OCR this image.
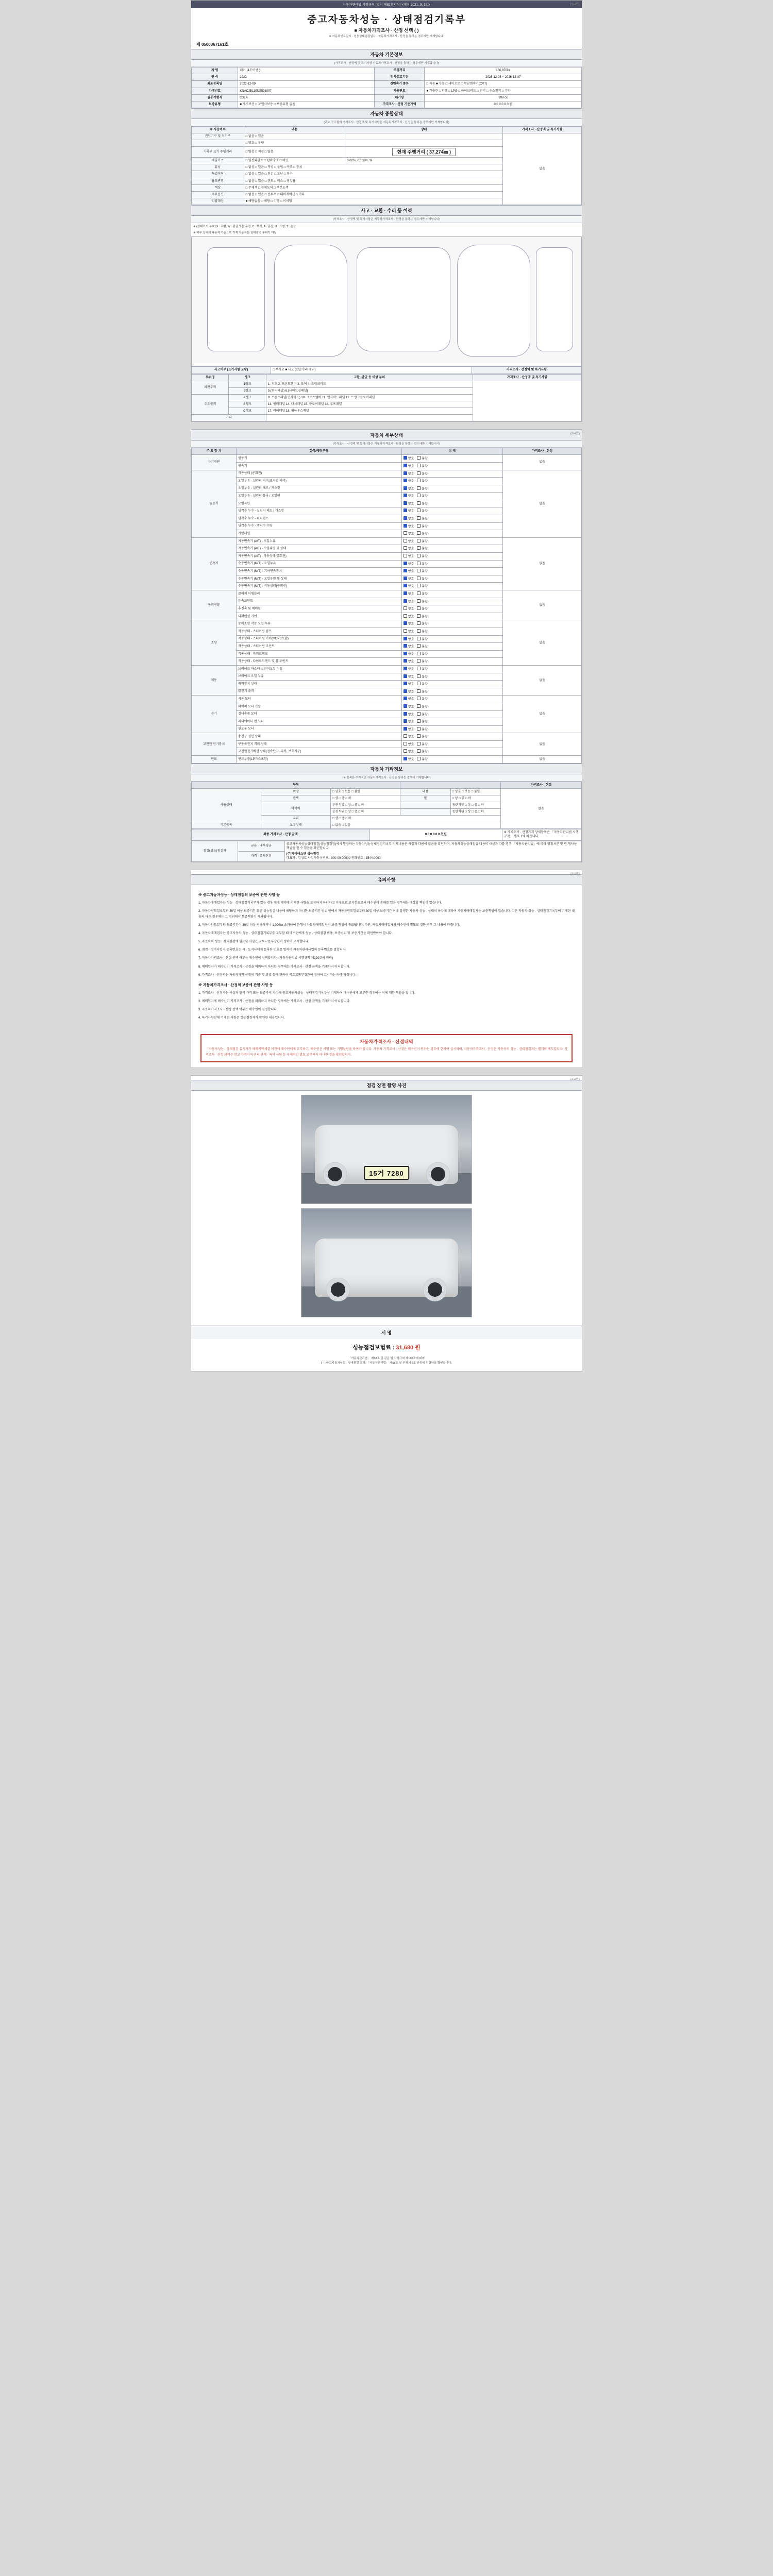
(1/4면)
자동차관리법 시행규칙 [별지 제82호서식] <개정 2021. 9. 16.>
중고자동차성능 · 상태점검기록부
■ 자동차가격조사 · 산정 선택 ( )
※ 자동차인도일시 · 성능상태점검일시 · 자동차가격조사 · 산정을 통하는 경우에만 기재합니다.
제 0500067161호
자동차 기본정보
(가격조사 · 산정액 및 특기사항 자동차가격조사 · 산정을 통하는 경우에만 기재합니다)
자 명	레이 (4도어밴 )	주행거리	156,870㎞
연 식	2022	검사유효기간	2025-12-08 ~ 2026-12-07
최초등록일	2021-12-09	진변속기 종류	□ 자동 ■ 수동 □ 세미오토 □ 무단변속기(CVT)
차대번호	KNACJB110NS591007	사용연료	■ 가솔린 □ 디젤 □ LPG □ 하이브리드 □ 전기 □ 수소전기 □ 기타
원동기형식	G3LA	배기량	998 cc
보증유형	■ 자기보증 □ 보험사보증 □ 보증유형 없음	가격조사 · 산정 기준가액	0 0 0 0 0 0 원
자동차 종합상태
(주요 구조물의 가격조사 · 산정액 및 특기사항은 자동차가격조사 · 산정을 통하는 경우에만 기재합니다)
※ 사용여부	내용	상태	가격조사 · 산정액 및 특기사항
전입기구 및 적기구	□ 없음 □ 있음		없음
	□ 양호 □ 불량		
기록부 표기 주행거리	□ 많음 □ 적정 □ 많음	현재 주행거리 ( 37,274㎞ )	
배출가스	□ 일산화탄소 □ 탄화수소 □ 매연	0.02%, 0.1ppm, %	
튜닝	□ 없음 □ 있음 □ 적법 □ 불법 □ 구조 □ 장치		
특별이력	□ 없음 □ 있음 □ 전손 □ 도난 □ 침수		
용도변경	□ 없음 □ 있음 □ 렌트 □ 리스 □ 영업용		
색상	□ 무채색 □ 전체도색 □ 부분도색		
주요옵션	□ 없음 □ 있음 □ 선루프 □ 내비게이션 □ 기타		
리콜대상	■ 해당없음 □ 해당 □ 이행 □ 미이행		
사고 · 교환 · 수리 등 이력
(가격조사 · 산정액 및 특기사항은 자동차가격조사 · 산정을 통하는 경우에만 기재합니다)
※ (상태표시 부호) X : 교환, W : 판금 또는 용접, C : 부식, A : 흠집, U : 요철, T : 손상
※ 하부 상태에 속용적 기준으로 기재 자동차는 상태점검 부위가 아님
사고여부 (표기사항 포함)	□ 무사고 ■ 사고 (단순수리 제외)	가격조사 · 산정액 및 특기사항
부위명	랭크	교환, 판금 등 이상 부위	가격조사 · 산정액 및 특기사항
외판부위	1랭크	1. 후드 2. 프론트휀더 3. 도어 4. 트렁크리드	
	2랭크	5.(쿼터패널) 6.(사이드실패널)	
주요골격	A랭크	9. 프론트패널(인사이드) 10. 크로스멤버 11. 인사이드패널 12. 트렁크플로어패널	
	B랭크	13. 필러패널 14. 대시패널 15. 플로어패널 16. 루프패널	
	C랭크	17. 리어패널 18. 휠하우스패널	
기타			
(2/4면)
자동차 세부상태
(가격조사 · 산정액 및 특기사항은 자동차가격조사 · 산정을 통하는 경우에만 기재합니다)
주 요 장 치	항목/해당부품	상 태	가격조사 · 산정
자기진단	원동기	양호 불량	없음
	변속기	양호 불량	
원동기	작동상태 (공회전)	양호 불량	없음
	오일누유 - 실린더 커버(로커암 커버)	양호 불량	
	오일누유 - 실린더 헤드 / 개스킷	양호 불량	
	오일누유 - 실린더 블록 / 오일팬	양호 불량	
	오일유량	양호 불량	
	냉각수 누수 - 실린더 헤드 / 개스킷	양호 불량	
	냉각수 누수 - 워터펌프	양호 불량	
	냉각수 누수 - 냉각수 수량	양호 불량	
	커먼레일	양호 불량	
변속기	자동변속기 (A/T) - 오일누유	양호 불량	없음
	자동변속기 (A/T) - 오일유량 및 상태	양호 불량	
	자동변속기 (A/T) - 작동상태(공회전)	양호 불량	
	수동변속기 (M/T) - 오일누유	양호 불량	
	수동변속기 (M/T) - 기어변속장치	양호 불량	
	수동변속기 (M/T) - 오일유량 및 상태	양호 불량	
	수동변속기 (M/T) - 작동상태(공회전)	양호 불량	
동력전달	클러치 어셈블리	양호 불량	없음
	등속조인트	양호 불량	
	추진축 및 베어링	양호 불량	
	디퍼렌셜 기어	양호 불량	
조향	동력조향 작동 오일 누유	양호 불량	없음
	작동상태 - 스티어링 펌프	양호 불량	
	작동상태 - 스티어링 기어(MDPS포함)	양호 불량	
	작동상태 - 스티어링 조인트	양호 불량	
	작동상태 - 파워크랭크	양호 불량	
	작동상태 - 타이로드엔드 및 볼 조인트	양호 불량	
제동	브레이크 마스터 실린더오일 누유	양호 불량	없음
	브레이크 오일 누유	양호 불량	
	배력장치 상태	양호 불량	
	발전기 출력	양호 불량	
전기	시동 모터	양호 불량	없음
	와이퍼 모터 기능	양호 불량	
	실내송풍 모터	양호 불량	
	라디에이터 팬 모터	양호 불량	
	윈도우 모터	양호 불량	
고전원 전기장치	충전구 절연 상태	양호 불량	없음
	구동축전지 격리 상태	양호 불량	
	고전원전기배선 상태(접속단자, 피복, 보호기구)	양호 불량	
연료	연료누출(LP가스포함)	양호 불량	없음
자동차 기타정보
(※ 항목은 추가적인 자동차가격조사 · 산정을 통하는 경우에 기재합니다)
항목					가격조사 · 산정
사용상태	외장	□ 양호 □ 보통 □ 불량	내장	□ 양호 □ 보통 □ 불량	없음
	광택	□ 상 □ 중 □ 하	휠	□ 상 □ 중 □ 하	
	타이어	운전석앞 □ 상 □ 중 □ 하		동반석앞 □ 상 □ 중 □ 하	
		운전석뒤 □ 상 □ 중 □ 하		동반석뒤 □ 상 □ 중 □ 하	
	유리	□ 상 □ 중 □ 하			
기본품목	보유상태	□ 없음 □ 있음			
최종 가격조사 · 산정 금액	0 0 0 0 0 0 천원	※ 가격조사 · 산정가격 상세항목은 「자동차관리법 시행규칙」 별표 1에 따릅니다.
점검(성능)점검자	금융 · 내부경금	
중고자동차성능상태점검(성능점검장)에서 발급하는 자동차성능상태점검기록부 기재내용은 사실과 다름이 없음을 확인하며, 자동차성능상태점검 내용이 사실과 다를 경우 「자동차관리법」에 따라 행정처분 및 민·형사상 책임을 질 수 있음을 확인합니다.
(주)케이에스엠 성능점검
대표자 : 김성호 사업자등록번호 : 000-00-00000 전화번호 : 1544-0000

가격 · 조사산정
(3/4면)
유의사항
※ 중고자동차성능 · 상태점검의 보증에 관한 사항 등

1. 자동차매매업자는 성능 · 상태점검기록부가 있는 경우 매매 계약에 기재한 사항을 고지하지 아니하고 거짓으로 고지함으로써 매수인이 손해를 입은 경우에는 배상할 책임이 있습니다.

2. 자동차인도일로부터 30일 이상 보증기간 동안 성능점검 내용에 해당하지 아니한 보증기간 범위 안에서 자동차인도일로부터 30일 이상 보증기간 이내 발생한 자동차 성능 · 상태의 하자에 대하여 자동차매매업자는 보증책임이 있습니다. 다만 자동차 성능 · 상태점검기록부에 기재된 내용과 다른 경우에는 그 범위에서 보증책임이 제외됩니다.

3. 자동차인도일부터 보증기간이 30일 이상 경과하거나 1,000㎞ 초과하여 운행시 자동차매매업자의 보증 책임이 종료됩니다. 다만, 자동차매매업자와 매수인이 별도로 정한 경우 그 내용에 따릅니다.

4. 자동차매매업자는 중고자동차 성능 · 상태점검기록부를 교부할 때 매수인에게 성능 · 상태점검 비용, 보증범위 및 보증기간을 확인받아야 합니다.

5. 자동차의 성능 · 상태점검에 필요한 사항은 국토교통부장관이 정하여 고시합니다.

6. 점검 · 정비사업자 등록번호는 시 · 도지사에게 등록한 번호를 말하며 자동차관리사업의 등록번호를 말합니다.

7. 자동차가격조사 · 산정 선택 여부는 매수인이 선택합니다. (자동차관리법 시행규칙 제120조에 따라)

8. 매매업자가 매수인이 가격조사 · 산정을 의뢰하지 아니한 경우에는 가격조사 · 산정 금액을 기재하지 아니합니다.

9. 가격조사 · 산정자는 자동차가격 산정의 기준 및 방법 등에 관하여 국토교통부장관이 정하여 고시하는 바에 따릅니다.

※ 자동차가격조사 · 산정의 보증에 관한 사항 등

1. 가격조사 · 산정자는 사실과 달리 가격 또는 보증가의 차이에 중고자동차성능 · 상태점검기록부상 기재하여 매수인에게 교부한 경우에는 이에 대한 책임을 집니다.

2. 매매업자에 매수인이 가격조사 · 산정을 의뢰하지 아니한 경우에는 가격조사 · 산정 금액을 기재하지 아니합니다.

3. 자동차가격조사 · 산정 선택 여부는 매수인이 결정합니다.

4. 특기사항란에 기재된 사항은 성능점검자가 확인한 내용입니다.

자동차가격조사 · 산정내역
「자동차성능 · 상태점검 실시자가 매매계약체결 이전에 매수인에게 교부하고, 매수인은 서명 또는 기명날인을 하여야 합니다. 자동차 가격조사 · 산정은 매수인이 원하는 경우에 한하여 실시하며, 자동차가격조사 · 산정은 자동차의 성능 · 상태점검과는 별개의 제도입니다. 가격조사 · 산정 금액은 참고 가격이며 권리 관계 · 특약 사항 등 구체적인 별도 교부하지 아니한 것을 확인합니다.
(4/4면)
점검 장면 촬영 사진
15거 7280
서 명
성능점검보험료 : 31,680 원
「자동차관리법」 제58조 및 같은 법 시행규칙 제120조에 따라
[ㄱ] 중고자동차성능 · 상태점검 결과, 「자동차관리법」 제58조 및 부칙 제2조 규정에 적합함을 확인합니다.
